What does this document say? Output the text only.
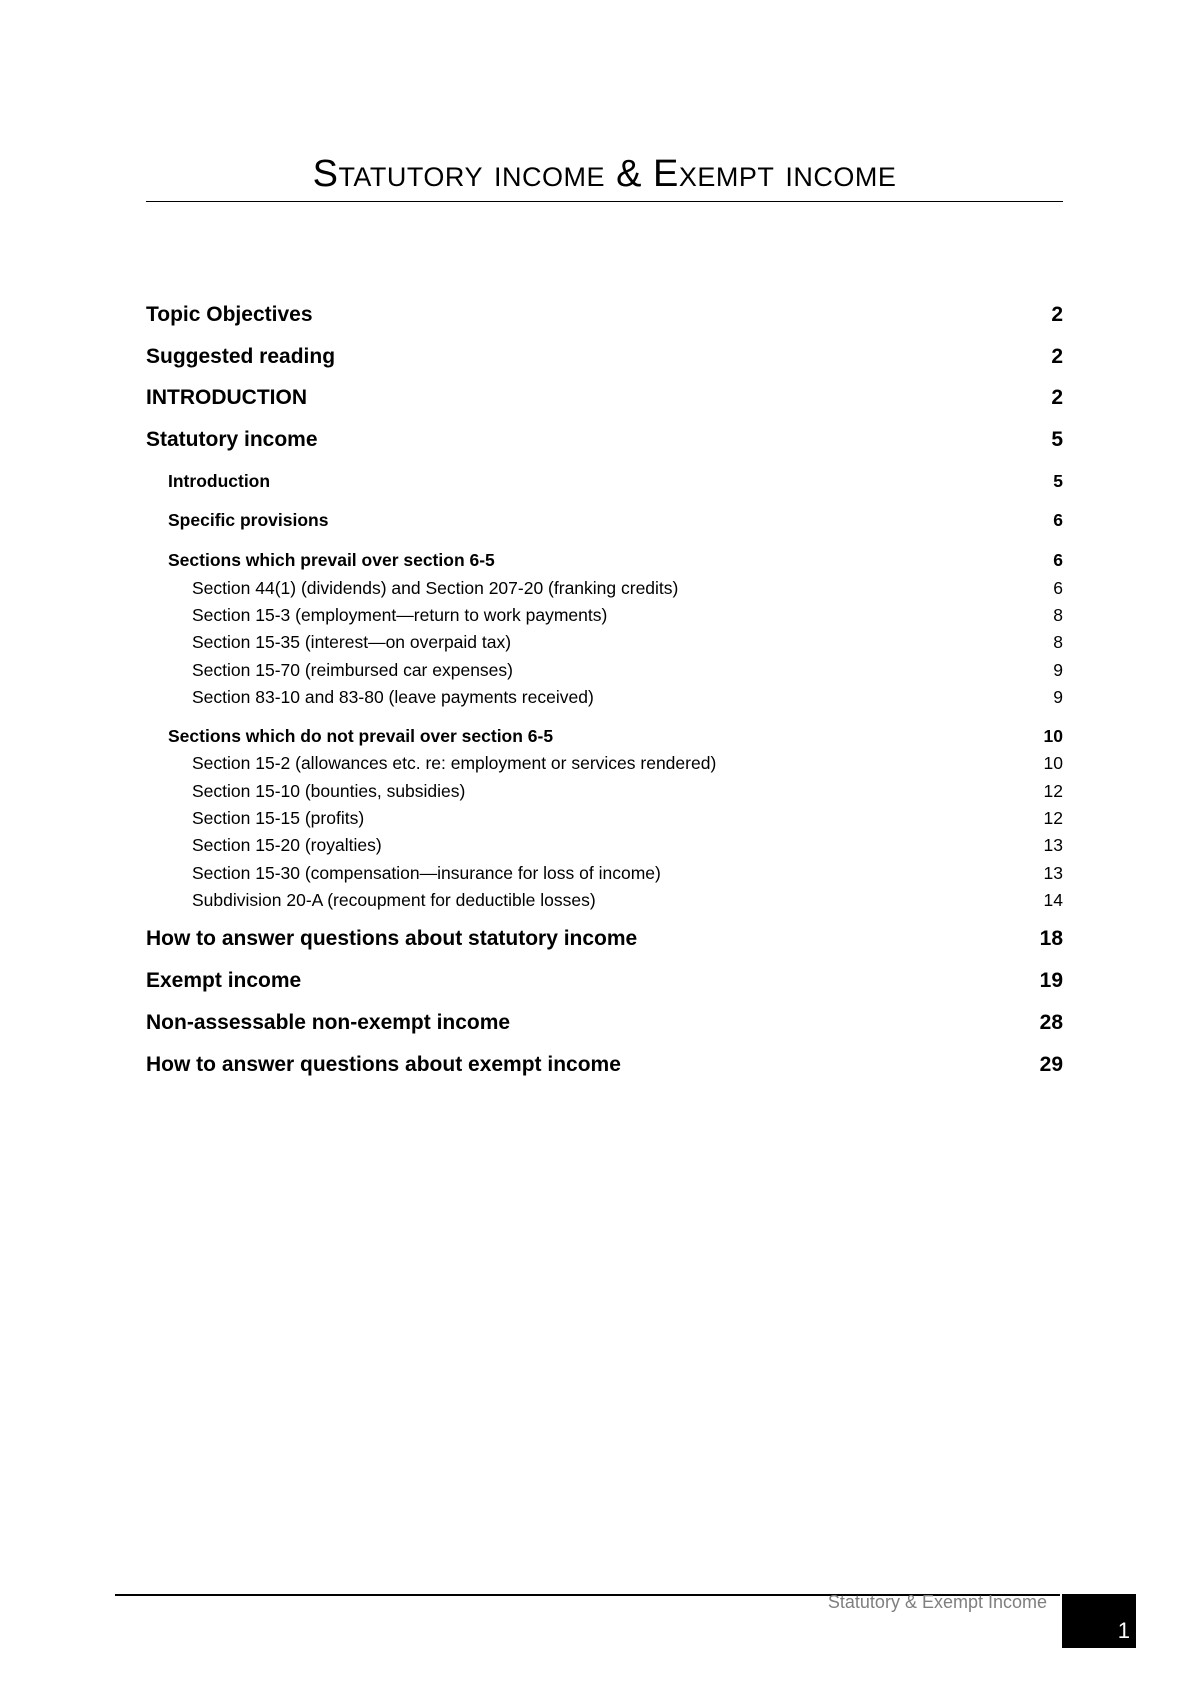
Statutory income & Exempt income
Topic Objectives	2
Suggested reading	2
INTRODUCTION	2
Statutory income	5
Introduction	5
Specific provisions	6
Sections which prevail over section 6-5	6
Section 44(1) (dividends) and Section 207-20 (franking credits)	6
Section 15-3 (employment—return to work payments)	8
Section 15-35 (interest—on overpaid tax)	8
Section 15-70 (reimbursed car expenses)	9
Section 83-10 and 83-80 (leave payments received)	9
Sections which do not prevail over section 6-5	10
Section 15-2 (allowances etc. re: employment or services rendered)	10
Section 15-10 (bounties, subsidies)	12
Section 15-15 (profits)	12
Section 15-20 (royalties)	13
Section 15-30 (compensation—insurance for loss of income)	13
Subdivision 20-A (recoupment for deductible losses)	14
How to answer questions about statutory income	18
Exempt income	19
Non-assessable non-exempt income	28
How to answer questions about exempt income	29
Statutory & Exempt Income
1
